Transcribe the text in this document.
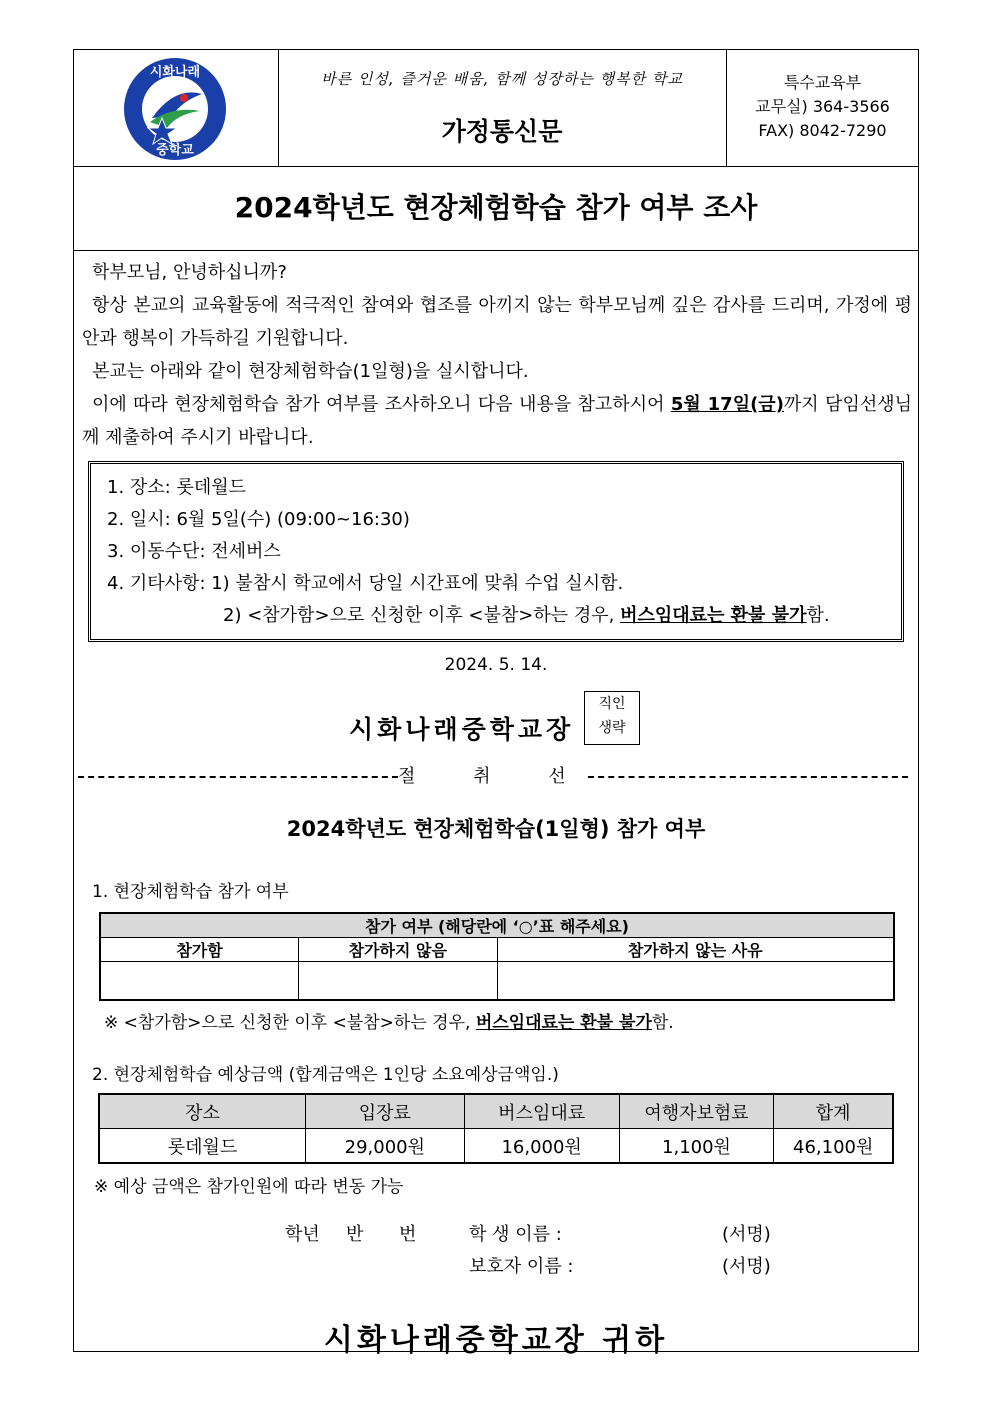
시화나래
중학교
바른 인성, 즐거운 배움, 함께 성장하는 행복한 학교
가정통신문
특수교육부
교무실) 364-3566
FAX) 8042-7290
2024학년도 현장체험학습 참가 여부 조사

학부모님, 안녕하십니까?

항상 본교의 교육활동에 적극적인 참여와 협조를 아끼지 않는 학부모님께 깊은 감사를 드리며, 가정에 평안과 행복이 가득하길 기원합니다.

본교는 아래와 같이 현장체험학습(1일형)을 실시합니다.

이에 따라 현장체험학습 참가 여부를 조사하오니 다음 내용을 참고하시어 5월 17일(금)까지 담임선생님께 제출하여 주시기 바랍니다.

1. 장소: 롯데월드
2. 일시: 6월 5일(수) (09:00~16:30)
3. 이동수단: 전세버스
4. 기타사항: 1) 불참시 학교에서 당일 시간표에 맞춰 수업 실시함.
2) <참가함>으로 신청한 이후 <불참>하는 경우, 버스임대료는 환불 불가함.
2024. 5. 14.
시화나래중학교장
직인
생략
절 취 선
2024학년도 현장체험학습(1일형) 참가 여부
1. 현장체험학습 참가 여부
참가 여부 (해당란에 ‘○’표 해주세요)		
참가함	참가하지 않음	참가하지 않는 사유

※ <참가함>으로 신청한 이후 <불참>하는 경우, 버스임대료는 환불 불가함.
2. 현장체험학습 예상금액 (합계금액은 1인당 소요예상금액임.)
장소	입장료	버스임대료	여행자보험료	합계
롯데월드	29,000원	16,000원	1,100원	46,100원
※ 예상 금액은 참가인원에 따라 변동 가능
학년 반 번	학 생 이름 :	(서명)
보호자 이름 :	(서명)
시화나래중학교장 귀하
